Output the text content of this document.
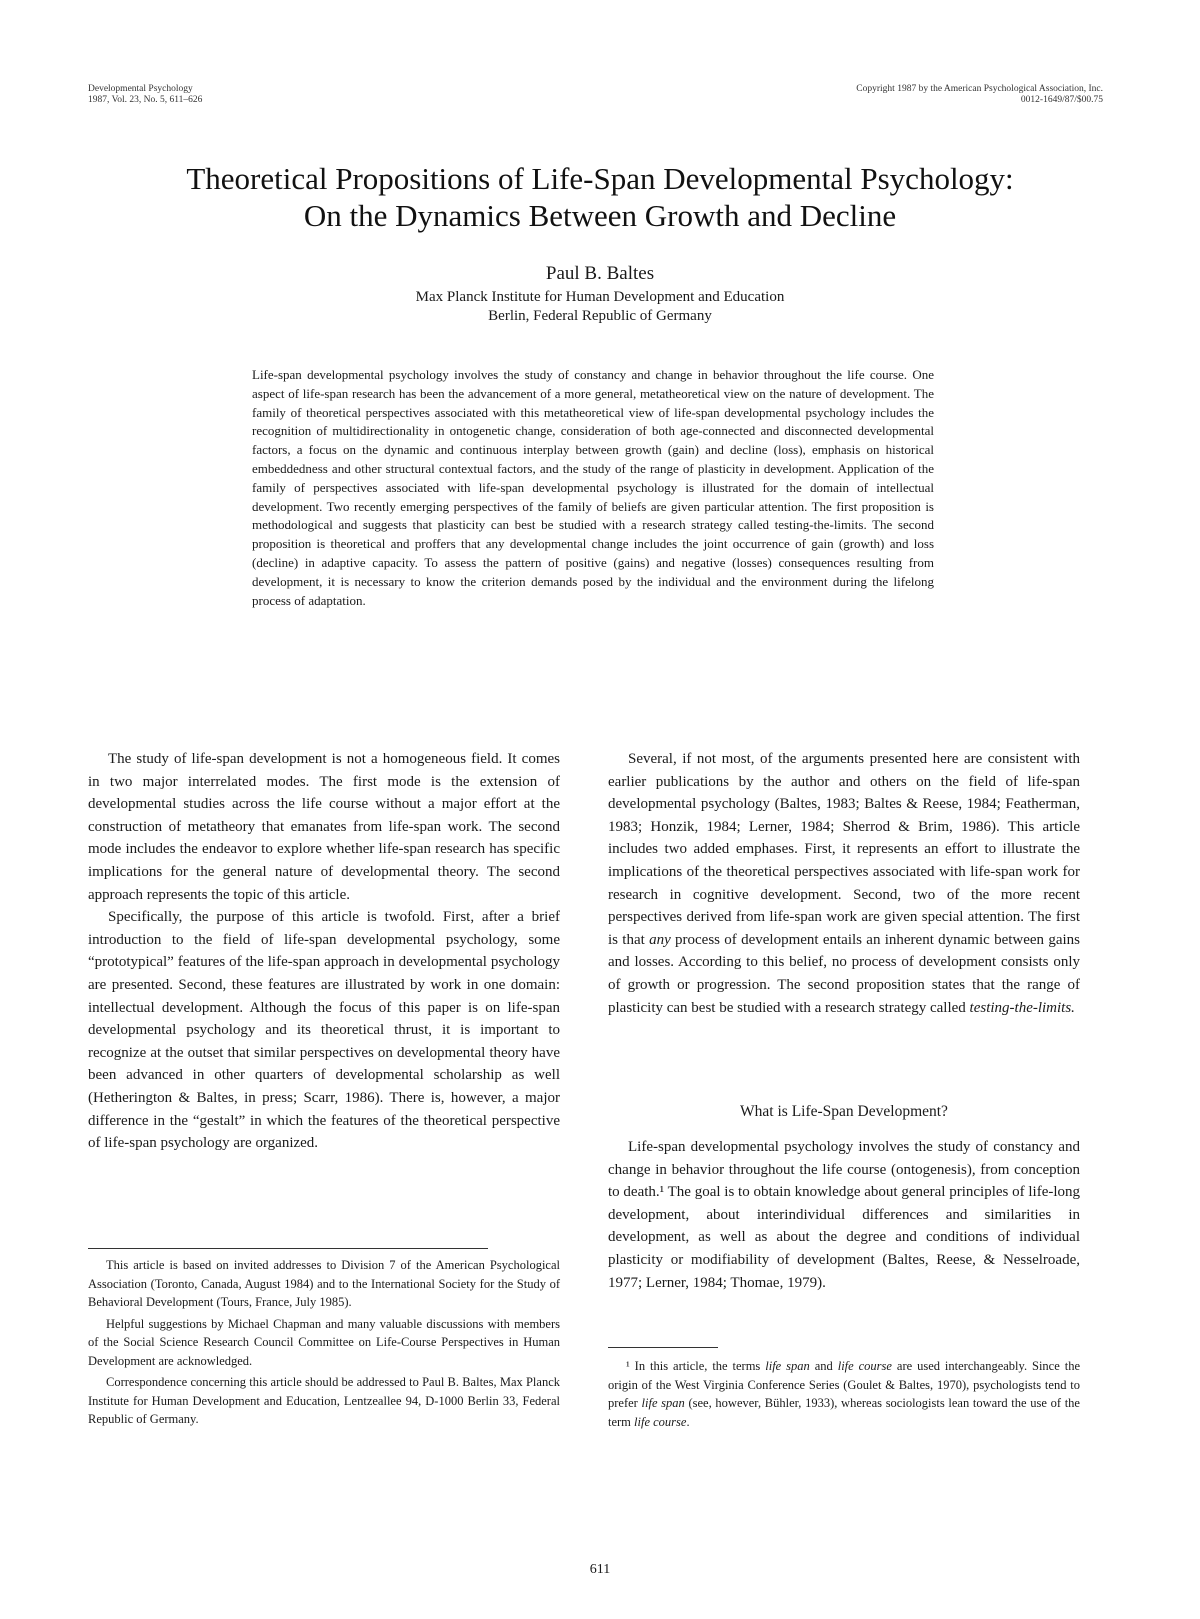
Developmental Psychology
1987, Vol. 23, No. 5, 611–626
Copyright 1987 by the American Psychological Association, Inc.
0012-1649/87/$00.75
Theoretical Propositions of Life-Span Developmental Psychology:
On the Dynamics Between Growth and Decline
Paul B. Baltes
Max Planck Institute for Human Development and Education
Berlin, Federal Republic of Germany
Life-span developmental psychology involves the study of constancy and change in behavior throughout the life course. One aspect of life-span research has been the advancement of a more general, metatheoretical view on the nature of development. The family of theoretical perspectives associated with this metatheoretical view of life-span developmental psychology includes the recognition of multidirectionality in ontogenetic change, consideration of both age-connected and disconnected developmental factors, a focus on the dynamic and continuous interplay between growth (gain) and decline (loss), emphasis on historical embeddedness and other structural contextual factors, and the study of the range of plasticity in development. Application of the family of perspectives associated with life-span developmental psychology is illustrated for the domain of intellectual development. Two recently emerging perspectives of the family of beliefs are given particular attention. The first proposition is methodological and suggests that plasticity can best be studied with a research strategy called testing-the-limits. The second proposition is theoretical and proffers that any developmental change includes the joint occurrence of gain (growth) and loss (decline) in adaptive capacity. To assess the pattern of positive (gains) and negative (losses) consequences resulting from development, it is necessary to know the criterion demands posed by the individual and the environment during the lifelong process of adaptation.

The study of life-span development is not a homogeneous field. It comes in two major interrelated modes. The first mode is the extension of developmental studies across the life course without a major effort at the construction of metatheory that emanates from life-span work. The second mode includes the endeavor to explore whether life-span research has specific implications for the general nature of developmental theory. The second approach represents the topic of this article.

Specifically, the purpose of this article is twofold. First, after a brief introduction to the field of life-span developmental psychology, some “prototypical” features of the life-span approach in developmental psychology are presented. Second, these features are illustrated by work in one domain: intellectual development. Although the focus of this paper is on life-span developmental psychology and its theoretical thrust, it is important to recognize at the outset that similar perspectives on developmental theory have been advanced in other quarters of developmental scholarship as well (Hetherington & Baltes, in press; Scarr, 1986). There is, however, a major difference in the “gestalt” in which the features of the theoretical perspective of life-span psychology are organized.

Several, if not most, of the arguments presented here are consistent with earlier publications by the author and others on the field of life-span developmental psychology (Baltes, 1983; Baltes & Reese, 1984; Featherman, 1983; Honzik, 1984; Lerner, 1984; Sherrod & Brim, 1986). This article includes two added emphases. First, it represents an effort to illustrate the implications of the theoretical perspectives associated with life-span work for research in cognitive development. Second, two of the more recent perspectives derived from life-span work are given special attention. The first is that any process of development entails an inherent dynamic between gains and losses. According to this belief, no process of development consists only of growth or progression. The second proposition states that the range of plasticity can best be studied with a research strategy called testing-the-limits.

What is Life-Span Development?

Life-span developmental psychology involves the study of constancy and change in behavior throughout the life course (ontogenesis), from conception to death.¹ The goal is to obtain knowledge about general principles of life-long development, about interindividual differences and similarities in development, as well as about the degree and conditions of individual plasticity or modifiability of development (Baltes, Reese, & Nesselroade, 1977; Lerner, 1984; Thomae, 1979).

This article is based on invited addresses to Division 7 of the American Psychological Association (Toronto, Canada, August 1984) and to the International Society for the Study of Behavioral Development (Tours, France, July 1985).

Helpful suggestions by Michael Chapman and many valuable discussions with members of the Social Science Research Council Committee on Life-Course Perspectives in Human Development are acknowledged.

Correspondence concerning this article should be addressed to Paul B. Baltes, Max Planck Institute for Human Development and Education, Lentzeallee 94, D-1000 Berlin 33, Federal Republic of Germany.

¹ In this article, the terms life span and life course are used interchangeably. Since the origin of the West Virginia Conference Series (Goulet & Baltes, 1970), psychologists tend to prefer life span (see, however, Bühler, 1933), whereas sociologists lean toward the use of the term life course.

611
